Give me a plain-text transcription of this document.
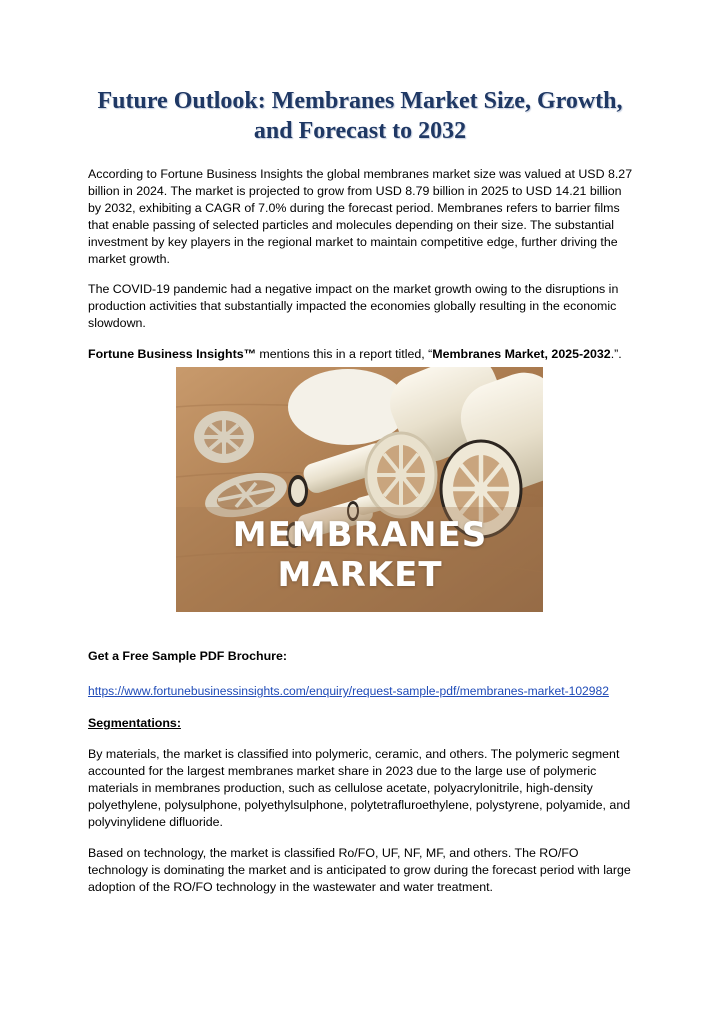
Future Outlook: Membranes Market Size, Growth,
and Forecast to 2032

According to Fortune Business Insights the global membranes market size was valued at USD 8.27 billion in 2024. The market is projected to grow from USD 8.79 billion in 2025 to USD 14.21 billion by 2032, exhibiting a CAGR of 7.0% during the forecast period. Membranes refers to barrier films that enable passing of selected particles and molecules depending on their size. The substantial investment by key players in the regional market to maintain competitive edge, further driving the market growth.

The COVID-19 pandemic had a negative impact on the market growth owing to the disruptions in production activities that substantially impacted the economies globally resulting in the economic slowdown.

Fortune Business Insights™ mentions this in a report titled, “Membranes Market, 2025-2032.”.

MEMBRANES
MARKET

Get a Free Sample PDF Brochure:

https://www.fortunebusinessinsights.com/enquiry/request-sample-pdf/membranes-market-102982

Segmentations:

By materials, the market is classified into polymeric, ceramic, and others. The polymeric segment accounted for the largest membranes market share in 2023 due to the large use of polymeric materials in membranes production, such as cellulose acetate, polyacrylonitrile, high-density polyethylene, polysulphone, polyethylsulphone, polytetrafluroethylene, polystyrene, polyamide, and polyvinylidene difluoride.

Based on technology, the market is classified Ro/FO, UF, NF, MF, and others. The RO/FO technology is dominating the market and is anticipated to grow during the forecast period with large adoption of the RO/FO technology in the wastewater and water treatment.
